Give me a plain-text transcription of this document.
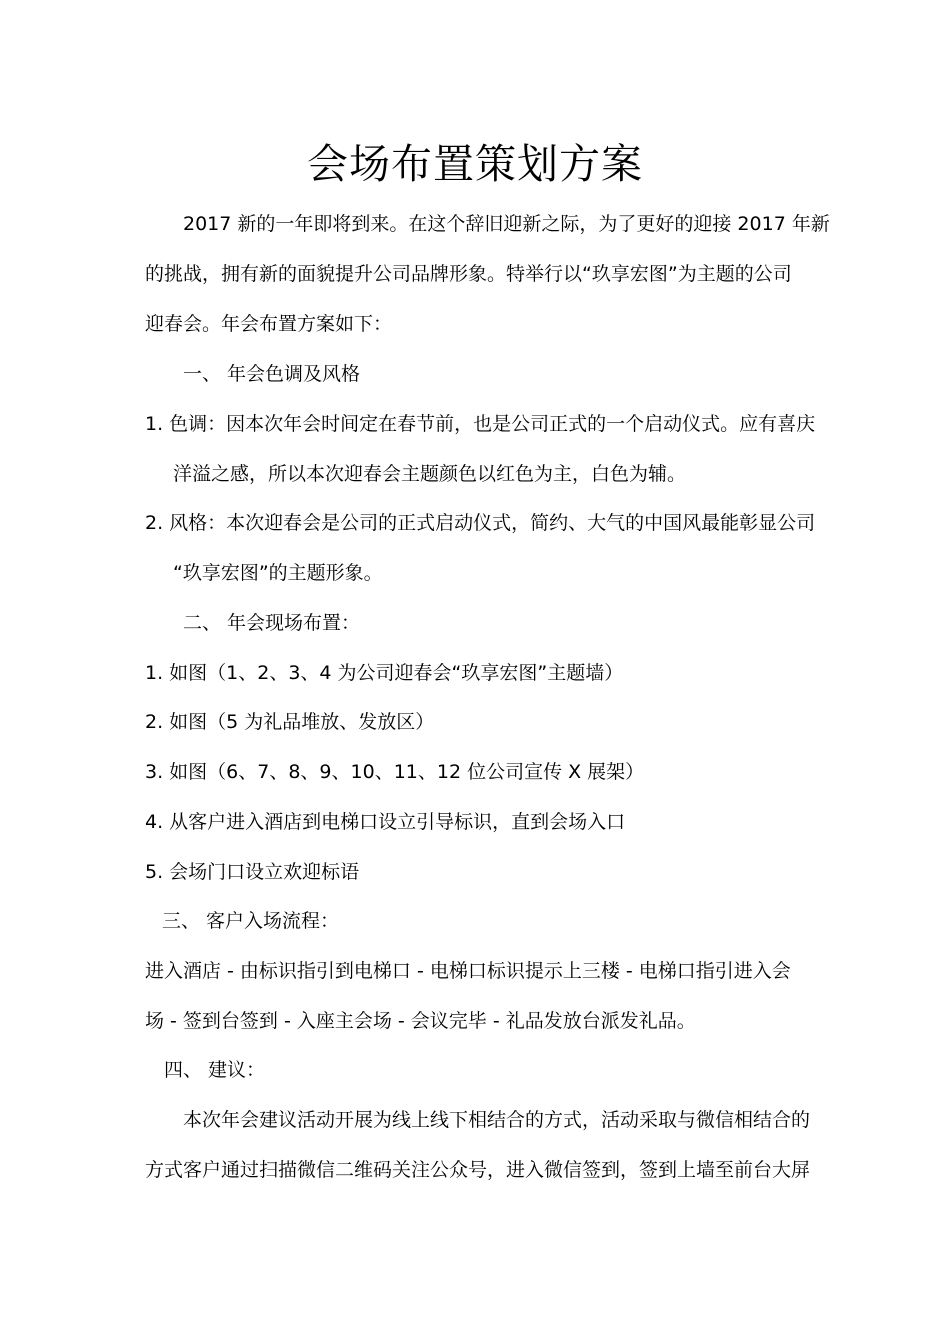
会场布置策划方案
2017 新的一年即将到来。在这个辞旧迎新之际，为了更好的迎接 2017 年新
的挑战，拥有新的面貌提升公司品牌形象。特举行以“玖享宏图”为主题的公司
迎春会。年会布置方案如下：
一、 年会色调及风格
1. 色调：因本次年会时间定在春节前，也是公司正式的一个启动仪式。应有喜庆
洋溢之感，所以本次迎春会主题颜色以红色为主，白色为辅。
2. 风格：本次迎春会是公司的正式启动仪式，简约、大气的中国风最能彰显公司
“玖享宏图”的主题形象。
二、 年会现场布置：
1. 如图（1、2、3、4 为公司迎春会“玖享宏图”主题墙）
2. 如图（5 为礼品堆放、发放区）
3. 如图（6、7、8、9、10、11、12 位公司宣传 X 展架）
4. 从客户进入酒店到电梯口设立引导标识，直到会场入口
5. 会场门口设立欢迎标语
三、 客户入场流程：
进入酒店 - 由标识指引到电梯口 - 电梯口标识提示上三楼 - 电梯口指引进入会
场 - 签到台签到 - 入座主会场 - 会议完毕 - 礼品发放台派发礼品。
四、 建议：
本次年会建议活动开展为线上线下相结合的方式，活动采取与微信相结合的
方式客户通过扫描微信二维码关注公众号，进入微信签到，签到上墙至前台大屏
